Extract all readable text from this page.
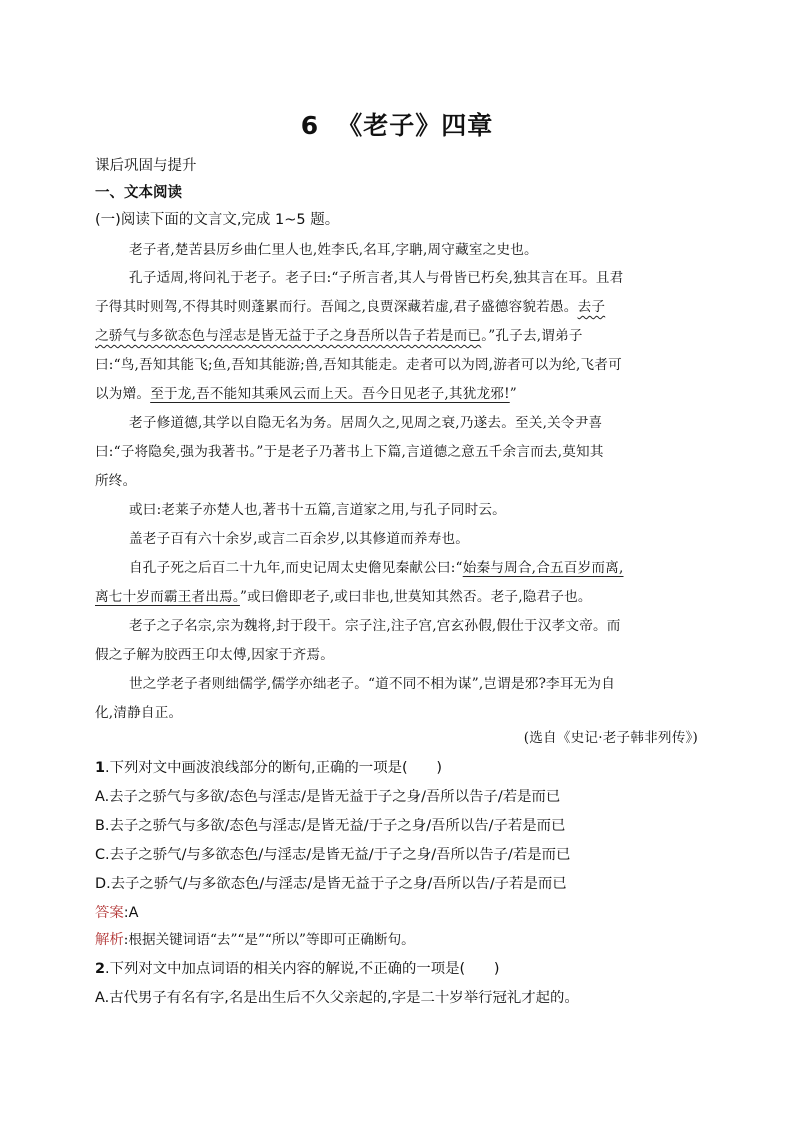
6 《老子》四章
课后巩固与提升
一、文本阅读
(一)阅读下面的文言文,完成 1~5 题。
老子者,楚苦县厉乡曲仁里人也,姓李氏,名耳,字聃,周守藏室之史也。
孔子适周,将问礼于老子。老子曰:“子所言者,其人与骨皆已朽矣,独其言在耳。且君
子得其时则驾,不得其时则蓬累而行。吾闻之,良贾深藏若虚,君子盛德容貌若愚。去子
之骄气与多欲态色与淫志是皆无益于子之身吾所以告子若是而已。”孔子去,谓弟子
曰:“鸟,吾知其能飞;鱼,吾知其能游;兽,吾知其能走。走者可以为罔,游者可以为纶,飞者可
以为矰。至于龙,吾不能知其乘风云而上天。吾今日见老子,其犹龙邪!”
老子修道德,其学以自隐无名为务。居周久之,见周之衰,乃遂去。至关,关令尹喜
曰:“子将隐矣,强为我著书。”于是老子乃著书上下篇,言道德之意五千余言而去,莫知其
所终。
或曰:老莱子亦楚人也,著书十五篇,言道家之用,与孔子同时云。
盖老子百有六十余岁,或言二百余岁,以其修道而养寿也。
自孔子死之后百二十九年,而史记周太史儋见秦献公曰:“始秦与周合,合五百岁而离,
离七十岁而霸王者出焉。”或曰儋即老子,或曰非也,世莫知其然否。老子,隐君子也。
老子之子名宗,宗为魏将,封于段干。宗子注,注子宫,宫玄孙假,假仕于汉孝文帝。而
假之子解为胶西王卬太傅,因家于齐焉。
世之学老子者则绌儒学,儒学亦绌老子。“道不同不相为谋”,岂谓是邪?李耳无为自
化,清静自正。
(选自《史记·老子韩非列传》)
1.下列对文中画波浪线部分的断句,正确的一项是(　　)
A.去子之骄气与多欲/态色与淫志/是皆无益于子之身/吾所以告子/若是而已
B.去子之骄气与多欲/态色与淫志/是皆无益/于子之身/吾所以告/子若是而已
C.去子之骄气/与多欲态色/与淫志/是皆无益/于子之身/吾所以告子/若是而已
D.去子之骄气/与多欲态色/与淫志/是皆无益于子之身/吾所以告/子若是而已
答案:A
解析:根据关键词语“去”“是”“所以”等即可正确断句。
2.下列对文中加点词语的相关内容的解说,不正确的一项是(　　)
A.古代男子有名有字,名是出生后不久父亲起的,字是二十岁举行冠礼才起的。
